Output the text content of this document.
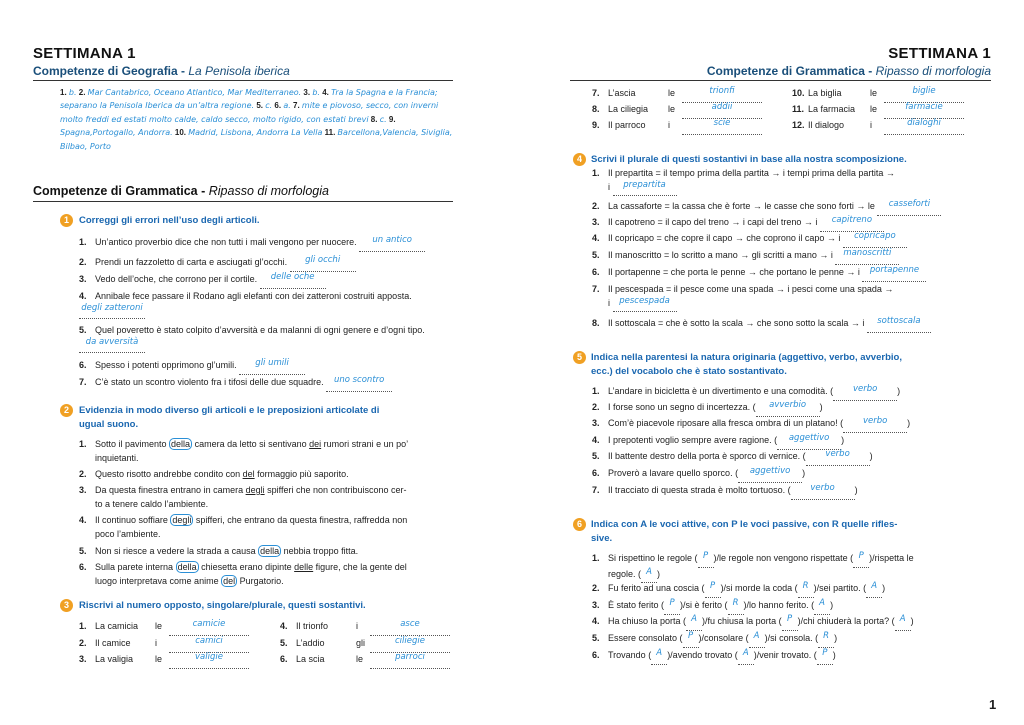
SETTIMANA 1
Competenze di Geografia - La Penisola iberica
1. b. 2. Mar Cantabrico, Oceano Atlantico, Mar Mediterraneo. 3. b. 4. Tra la Spagna e la Francia; separano la Penisola Iberica da un’altra regione. 5. c. 6. a. 7. mite e piovoso, secco, con inverni molto freddi ed estati molto calde, caldo secco, molto rigido, con estati brevi 8. c. 9. Spagna,Portogallo, Andorra. 10. Madrid, Lisbona, Andorra La Vella 11. Barcellona,Valencia, Siviglia, Bilbao, Porto
Competenze di Grammatica - Ripasso di morfologia
1	Correggi gli errori nell’uso degli articoli.
1. Un’antico proverbio dice che non tutti i mali vengono per nuocere. un antico
2. Prendi un fazzoletto di carta e asciugati gl’occhi. gli occhi
3. Vedo dell’oche, che corrono per il cortile. delle oche
4. Annibale fece passare il Rodano agli elefanti con dei zatteroni costruiti apposta. degli zatteroni
5. Quel poveretto è stato colpito d’avversità e da malanni di ogni genere e d’ogni tipo. da avversità
6. Spesso i potenti opprimono gl’umili. gli umili
7. C’è stato un scontro violento fra i tifosi delle due squadre. uno scontro
2	Evidenzia in modo diverso gli articoli e le preposizioni articolate di
ugual suono.
1. Sotto il pavimento della camera da letto si sentivano dei rumori strani e un po’
inquietanti.
2. Questo risotto andrebbe condito con del formaggio più saporito.
3. Da questa finestra entrano in camera degli spifferi che non contribuiscono cer-
to a tenere caldo l’ambiente.
4. Il continuo soffiare degli spifferi, che entrano da questa finestra, raffredda non
poco l’ambiente.
5. Non si riesce a vedere la strada a causa della nebbia troppo fitta.
6. Sulla parete interna della chiesetta erano dipinte delle figure, che la gente del
luogo interpretava come anime del Purgatorio.
3	Riscrivi al numero opposto, singolare/plurale, questi sostantivi.
1. La camicia le	camicie
2. Il camice	i	camici
3. La valigia le	valigie
4. Il trionfo	i	asce
5. L’addio	gli	ciliegie
6. La scia	le	parroci
SETTIMANA 1
Competenze di Grammatica - Ripasso di morfologia
7. L’ascia	le	trionfi
8. La ciliegia le	addii
9. Il parroco i	scie
10. La biglia	le	biglie
11. La farmacia le	farmacie
12. Il dialogo	i	dialoghi
4 Scrivi il plurale di questi sostantivi in base alla nostra scomposizione.
1. Il prepartita = il tempo prima della partita → i tempi prima della partita →
i prepartita
2. La cassaforte = la cassa che è forte → le casse che sono forti → le casseforti
3. Il capotreno = il capo del treno → i capi del treno → i capitreno
4. Il copricapo = che copre il capo → che coprono il capo → i copricapo
5. Il manoscritto = lo scritto a mano → gli scritti a mano → i manoscritti
6. Il portapenne = che porta le penne → che portano le penne → i portapenne
7. Il pescespada = il pesce come una spada → i pesci come una spada →
i pescespada
8. Il sottoscala = che è sotto la scala → che sono sotto la scala → i sottoscala
5 Indica nella parentesi la natura originaria (aggettivo, verbo, avverbio,
ecc.) del vocabolo che è stato sostantivato.
1. L’andare in bicicletta è un divertimento e una comodità. ( verbo )
2. I forse sono un segno di incertezza. ( avverbio )
3. Com’è piacevole riposare alla fresca ombra di un platano! ( verbo )
4. I prepotenti voglio sempre avere ragione. ( aggettivo )
5. Il battente destro della porta è sporco di vernice. ( verbo )
6. Proverò a lavare quello sporco. ( aggettivo )
7. Il tracciato di questa strada è molto tortuoso. ( verbo )
6 Indica con A le voci attive, con P le voci passive, con R quelle rifles-
sive.
1. Si rispettino le regole ( P )/le regole non vengono rispettate ( P )/rispetta le
regole. ( A )
2. Fu ferito ad una coscia ( P )/si morde la coda ( R )/sei partito. ( A )
3. È stato ferito ( P )/si è ferito ( R )/lo hanno ferito. ( A )
4. Ha chiuso la porta ( A )/fu chiusa la porta ( P )/chi chiuderà la porta? ( A )
5. Essere consolato ( P )/consolare ( A )/si consola. ( R )
6. Trovando ( A )/avendo trovato ( A )/venir trovato. ( P )
1
